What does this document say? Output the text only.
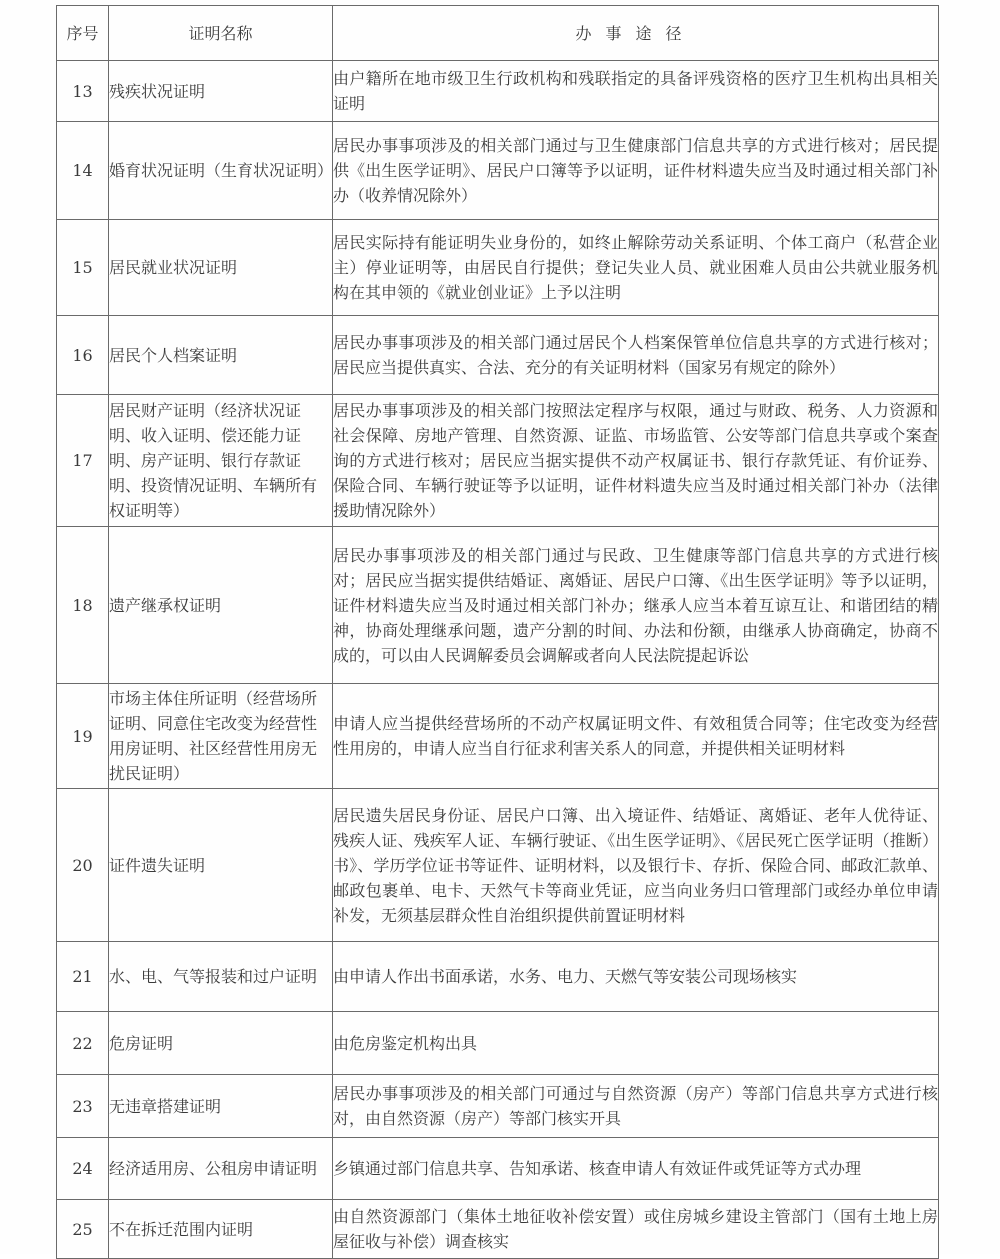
序号	证明名称	办事途径
13	残疾状况证明	由户籍所在地市级卫生行政机构和残联指定的具备评残资格的医疗卫生机构出具相关证明
14	婚育状况证明（生育状况证明）	居民办事事项涉及的相关部门通过与卫生健康部门信息共享的方式进行核对；居民提供《出生医学证明》、居民户口簿等予以证明，证件材料遗失应当及时通过相关部门补办（收养情况除外）
15	居民就业状况证明	居民实际持有能证明失业身份的，如终止解除劳动关系证明、个体工商户（私营企业主）停业证明等，由居民自行提供；登记失业人员、就业困难人员由公共就业服务机构在其申领的《就业创业证》上予以注明
16	居民个人档案证明	居民办事事项涉及的相关部门通过居民个人档案保管单位信息共享的方式进行核对；居民应当提供真实、合法、充分的有关证明材料（国家另有规定的除外）
17	居民财产证明（经济状况证明、收入证明、偿还能力证明、房产证明、银行存款证明、投资情况证明、车辆所有权证明等）	居民办事事项涉及的相关部门按照法定程序与权限，通过与财政、税务、人力资源和社会保障、房地产管理、自然资源、证监、市场监管、公安等部门信息共享或个案查询的方式进行核对；居民应当据实提供不动产权属证书、银行存款凭证、有价证券、保险合同、车辆行驶证等予以证明，证件材料遗失应当及时通过相关部门补办（法律援助情况除外）
18	遗产继承权证明	居民办事事项涉及的相关部门通过与民政、卫生健康等部门信息共享的方式进行核对；居民应当据实提供结婚证、离婚证、居民户口簿、《出生医学证明》等予以证明，证件材料遗失应当及时通过相关部门补办；继承人应当本着互谅互让、和谐团结的精神，协商处理继承问题，遗产分割的时间、办法和份额，由继承人协商确定，协商不成的，可以由人民调解委员会调解或者向人民法院提起诉讼
19	市场主体住所证明（经营场所证明、同意住宅改变为经营性用房证明、社区经营性用房无扰民证明）	申请人应当提供经营场所的不动产权属证明文件、有效租赁合同等；住宅改变为经营性用房的，申请人应当自行征求利害关系人的同意，并提供相关证明材料
20	证件遗失证明	居民遗失居民身份证、居民户口簿、出入境证件、结婚证、离婚证、老年人优待证、残疾人证、残疾军人证、车辆行驶证、《出生医学证明》、《居民死亡医学证明（推断）书》、学历学位证书等证件、证明材料，以及银行卡、存折、保险合同、邮政汇款单、邮政包裹单、电卡、天然气卡等商业凭证，应当向业务归口管理部门或经办单位申请补发，无须基层群众性自治组织提供前置证明材料
21	水、电、气等报装和过户证明	由申请人作出书面承诺，水务、电力、天燃气等安装公司现场核实
22	危房证明	由危房鉴定机构出具
23	无违章搭建证明	居民办事事项涉及的相关部门可通过与自然资源（房产）等部门信息共享方式进行核对，由自然资源（房产）等部门核实开具
24	经济适用房、公租房申请证明	乡镇通过部门信息共享、告知承诺、核查申请人有效证件或凭证等方式办理
25	不在拆迁范围内证明	由自然资源部门（集体土地征收补偿安置）或住房城乡建设主管部门（国有土地上房屋征收与补偿）调查核实
